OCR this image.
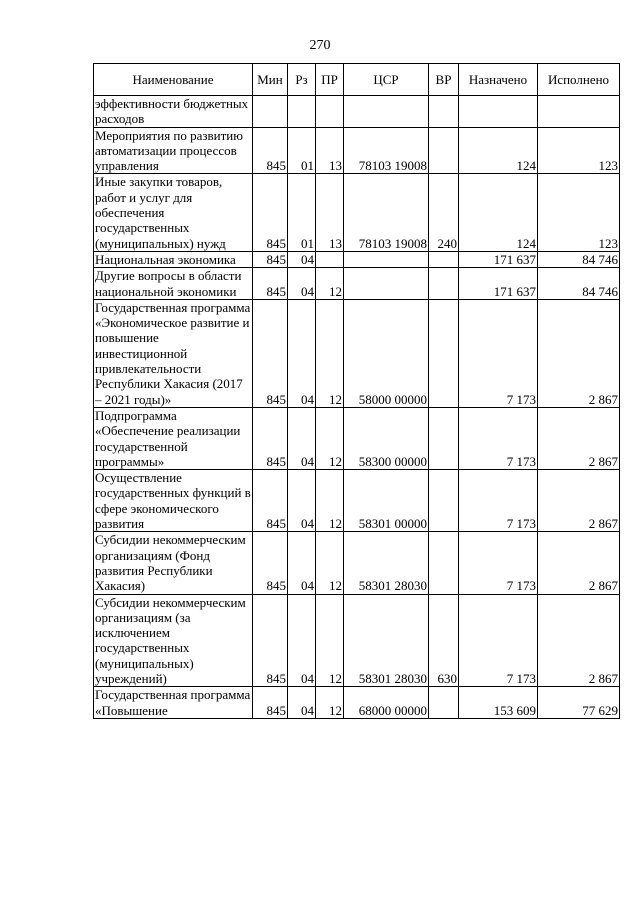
270
Наименование	Мин	Рз	ПР	ЦСР	ВР	Назначено	Исполнено
эффективности бюджетных расходов							
Мероприятия по развитию автоматизации процессов управления	845	01	13	78103 19008		124	123
Иные закупки товаров, работ и услуг для обеспечения государственных (муниципальных) нужд	845	01	13	78103 19008	240	124	123
Национальная экономика	845	04				171 637	84 746
Другие вопросы в области национальной экономики	845	04	12			171 637	84 746
Государственная программа «Экономическое развитие и повышение инвестиционной привлекательности Республики Хакасия (2017 – 2021 годы)»	845	04	12	58000 00000		7 173	2 867
Подпрограмма «Обеспечение реализации государственной программы»	845	04	12	58300 00000		7 173	2 867
Осуществление государственных функций в сфере экономического развития	845	04	12	58301 00000		7 173	2 867
Субсидии некоммерческим организациям (Фонд развития Республики Хакасия)	845	04	12	58301 28030		7 173	2 867
Субсидии некоммерческим организациям (за исключением государственных (муниципальных) учреждений)	845	04	12	58301 28030	630	7 173	2 867
Государственная программа «Повышение	845	04	12	68000 00000		153 609	77 629
